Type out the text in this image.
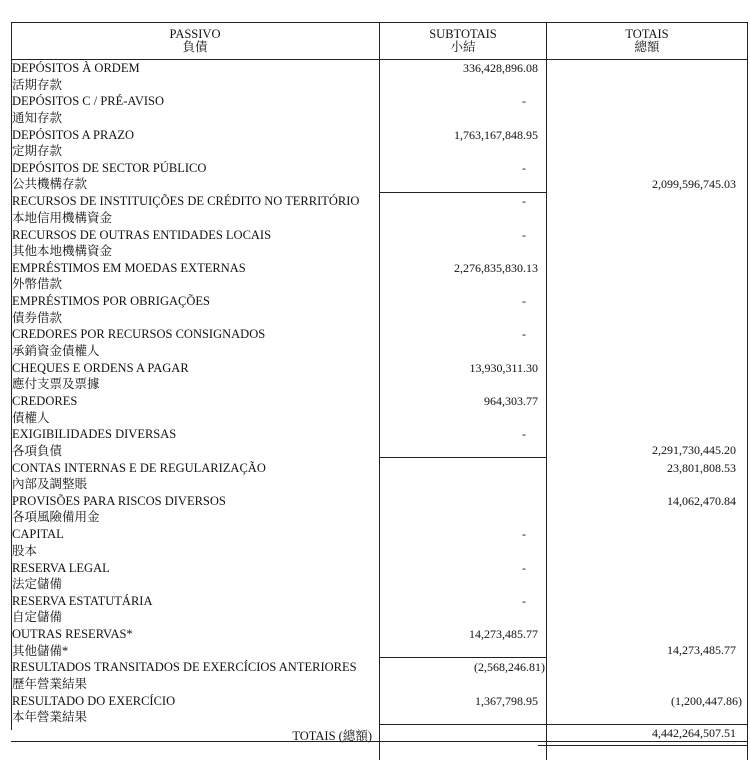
PASSIVO
負債
SUBTOTAIS
小結
TOTAIS
總額
DEPÓSITOS À ORDEM
活期存款
336,428,896.08
DEPÓSITOS C / PRÉ-AVISO
通知存款
-
DEPÓSITOS A PRAZO
定期存款
1,763,167,848.95
DEPÓSITOS DE SECTOR PÚBLICO
公共機構存款
-
2,099,596,745.03
RECURSOS DE INSTITUIÇÕES DE CRÉDITO NO TERRITÓRIO
本地信用機構資金
-
RECURSOS DE OUTRAS ENTIDADES LOCAIS
其他本地機構資金
-
EMPRÉSTIMOS EM MOEDAS EXTERNAS
外幣借款
2,276,835,830.13
EMPRÉSTIMOS POR OBRIGAÇÕES
債券借款
-
CREDORES POR RECURSOS CONSIGNADOS
承銷資金債權人
-
CHEQUES E ORDENS A PAGAR
應付支票及票據
13,930,311.30
CREDORES
債權人
964,303.77
EXIGIBILIDADES DIVERSAS
各項負債
-
2,291,730,445.20
CONTAS INTERNAS E DE REGULARIZAÇÃO
內部及調整賬
23,801,808.53
PROVISÕES PARA RISCOS DIVERSOS
各項風險備用金
14,062,470.84
CAPITAL
股本
-
RESERVA LEGAL
法定儲備
-
RESERVA ESTATUTÁRIA
自定儲備
-
OUTRAS RESERVAS*
其他儲備*
14,273,485.77
14,273,485.77
RESULTADOS TRANSITADOS DE EXERCÍCIOS ANTERIORES
歷年營業結果
(2,568,246.81)
RESULTADO DO EXERCÍCIO
本年營業結果
1,367,798.95	(1,200,447.86)
TOTAIS (總額)	4,442,264,507.51
